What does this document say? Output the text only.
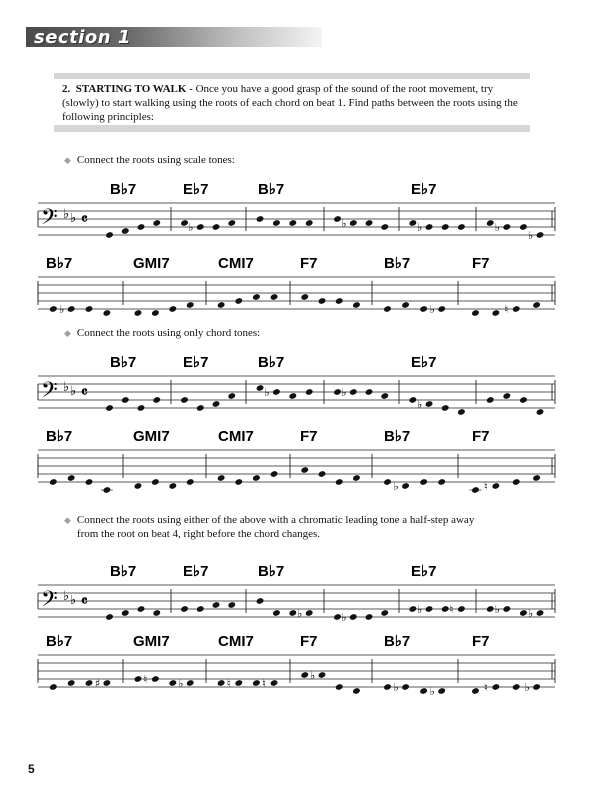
section 1
2. STARTING TO WALK - Once you have a good grasp of the sound of the root movement, try (slowly) to start walking using the roots of each chord on beat 1. Find paths between the roots using the following principles:
◆ Connect the roots using scale tones:
◆ Connect the roots using only chord tones:
◆ Connect the roots using either of the above with a chromatic leading tone a half-step away from the root on beat 4, right before the chord changes.
𝄢 ♭ ♭ 𝄴
B♭7	E♭7	B♭7	E♭7
♭	♭	♭	♭
♭
B♭7	GMI7	CMI7	F7	B♭7	F7
♭	♭	♮
𝄢 ♭ ♭ 𝄴
B♭7	E♭7	B♭7	E♭7
♭	♭
♭
B♭7	GMI7	CMI7	F7	B♭7	F7
♭	♮
𝄢 ♭ ♭ 𝄴
B♭7	E♭7	B♭7	E♭7
♭	♭
♭ ♮	♭	♭
B♭7	GMI7	CMI7	F7	B♭7	F7
♯	♮	♭	♮	♮
♭
♭	♭	♮	♭
5
